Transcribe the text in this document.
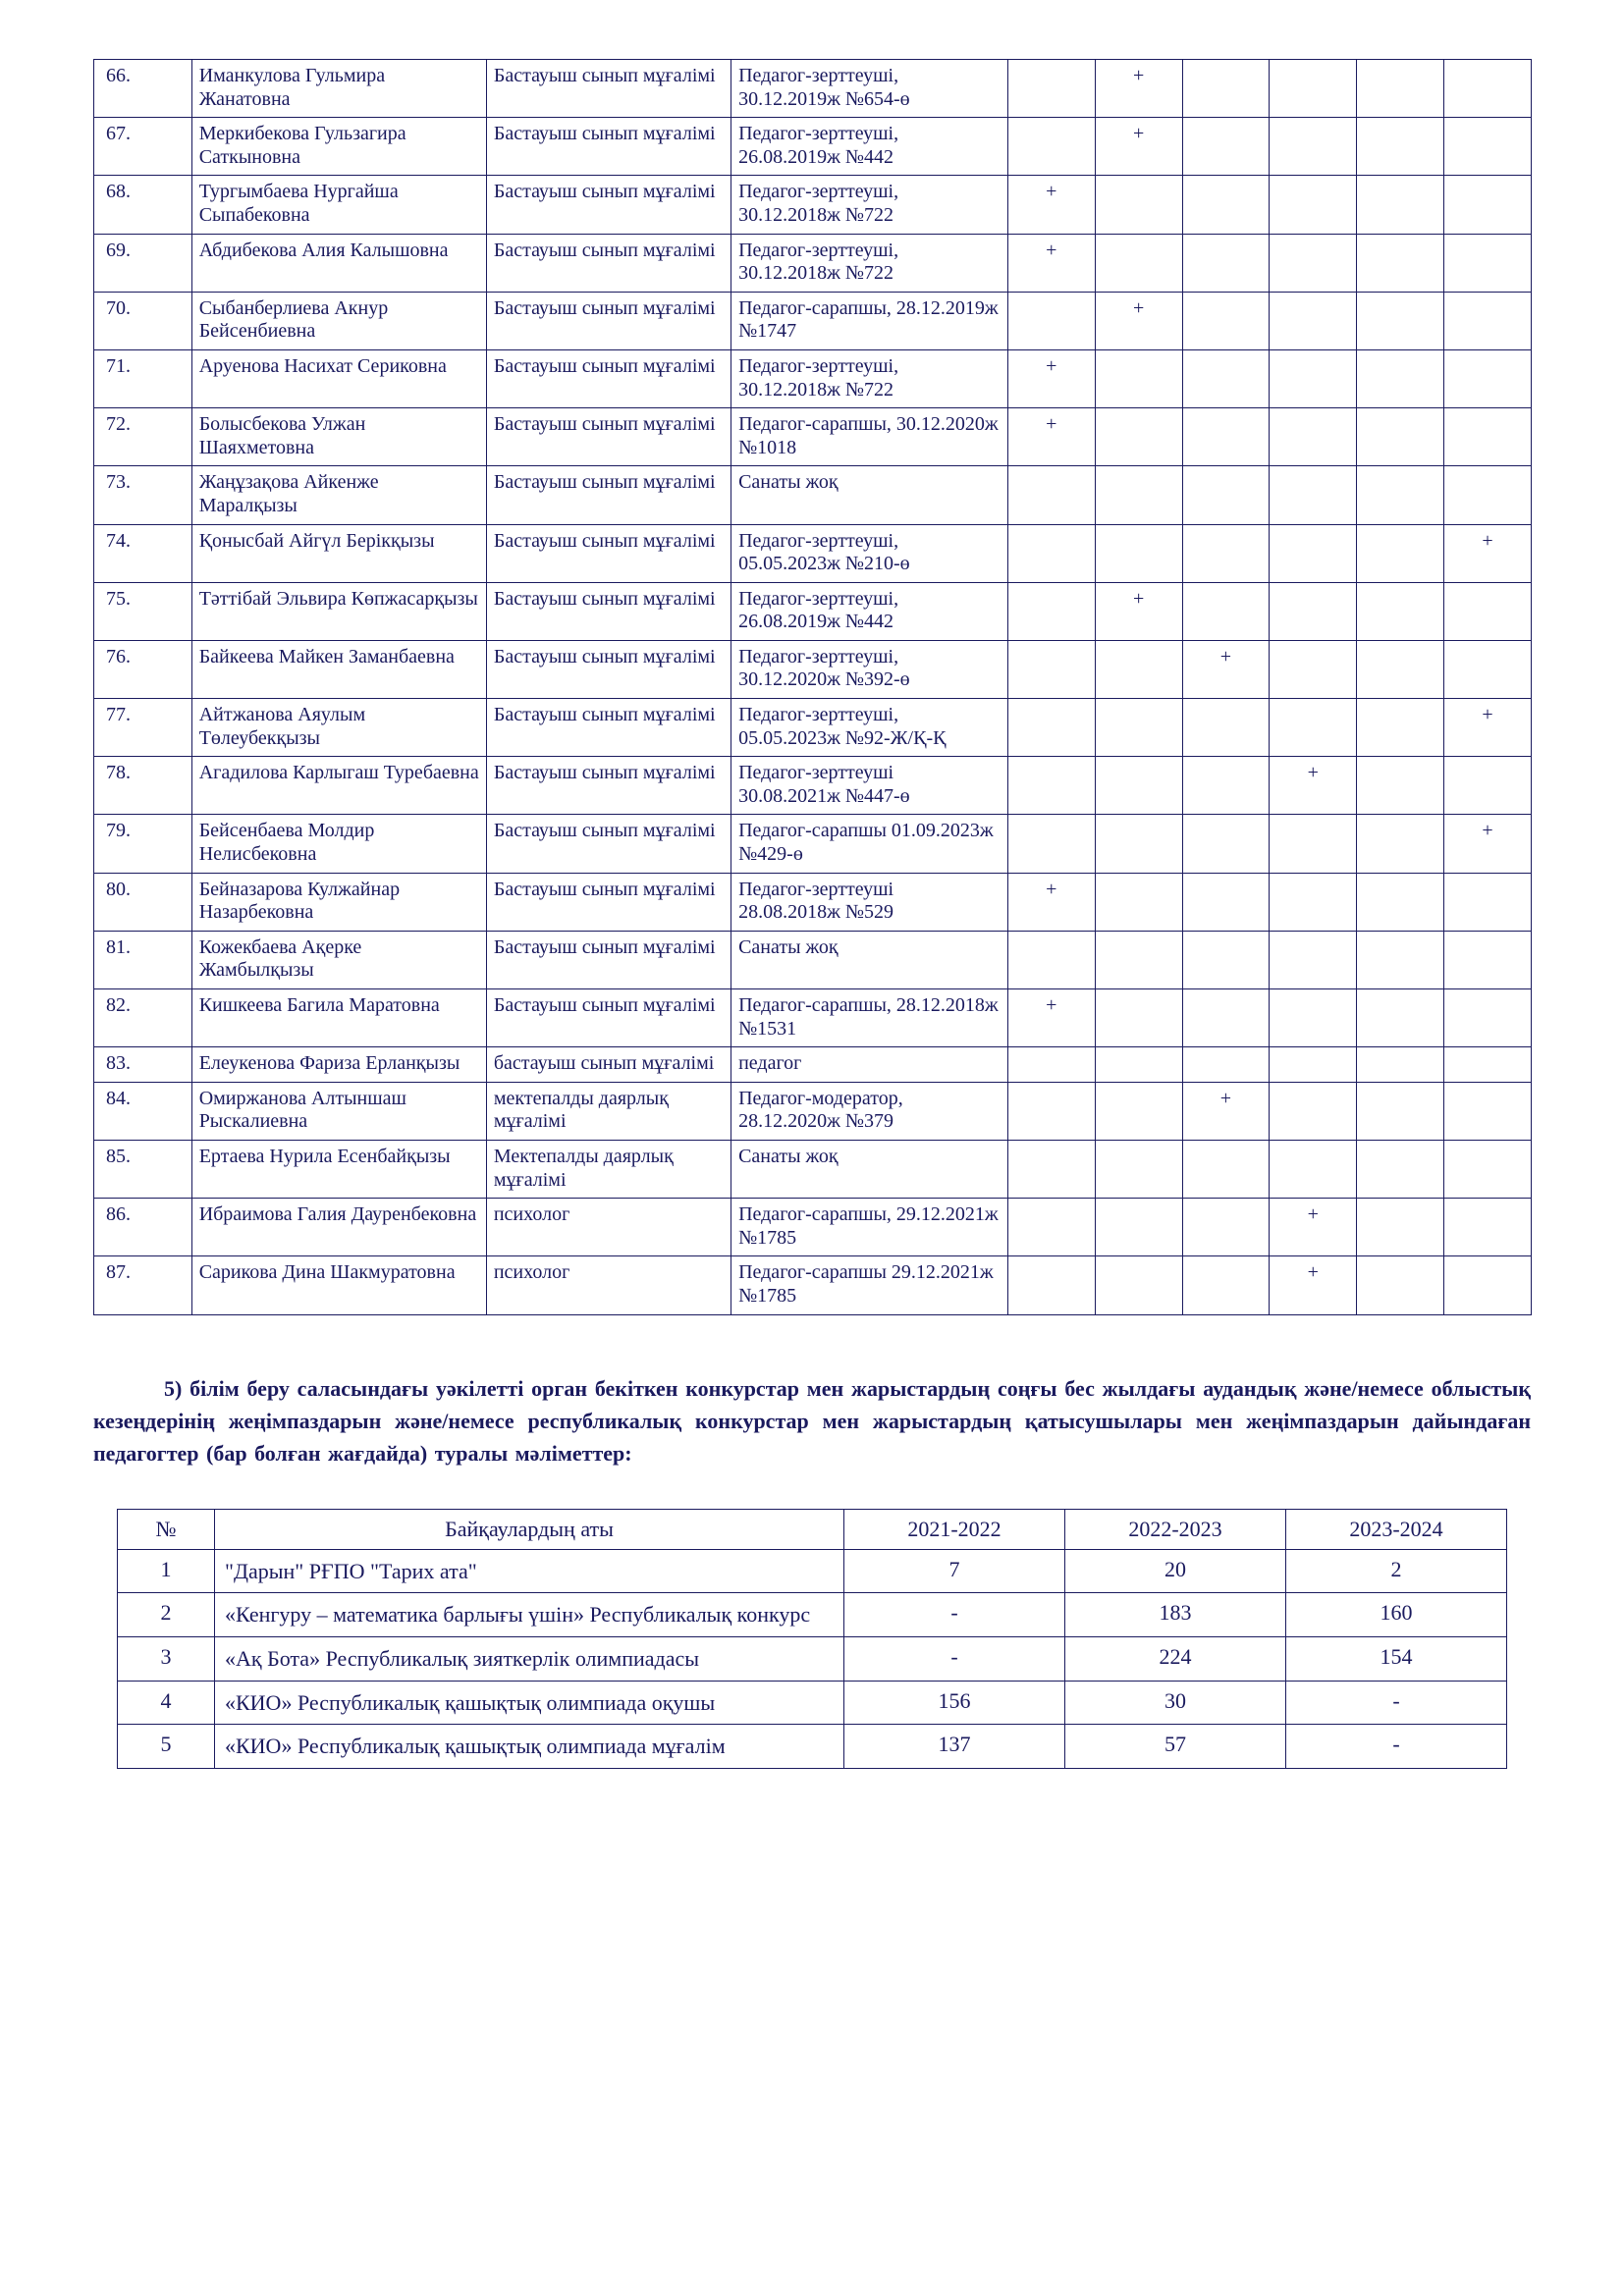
66.	Иманкулова Гульмира Жанатовна	Бастауыш сынып мұғалімі	Педагог-зерттеуші, 30.12.2019ж №654-ө		+				
67.	Меркибекова Гульзагира Саткыновна	Бастауыш сынып мұғалімі	Педагог-зерттеуші, 26.08.2019ж №442		+				
68.	Тургымбаева Нургайша Сыпабековна	Бастауыш сынып мұғалімі	Педагог-зерттеуші, 30.12.2018ж №722	+					
69.	Абдибекова Алия Калышовна	Бастауыш сынып мұғалімі	Педагог-зерттеуші, 30.12.2018ж №722	+					
70.	Сыбанберлиева Акнур Бейсенбиевна	Бастауыш сынып мұғалімі	Педагог-сарапшы, 28.12.2019ж №1747		+				
71.	Аруенова Насихат Сериковна	Бастауыш сынып мұғалімі	Педагог-зерттеуші, 30.12.2018ж №722	+					
72.	Болысбекова Улжан Шаяхметовна	Бастауыш сынып мұғалімі	Педагог-сарапшы, 30.12.2020ж №1018	+					
73.	Жаңұзақова Айкенже Маралқызы	Бастауыш сынып мұғалімі	Санаты жоқ						
74.	Қонысбай Айгүл Берікқызы	Бастауыш сынып мұғалімі	Педагог-зерттеуші, 05.05.2023ж №210-ө						+
75.	Тәттібай Эльвира Көпжасарқызы	Бастауыш сынып мұғалімі	Педагог-зерттеуші, 26.08.2019ж №442		+				
76.	Байкеева Майкен Заманбаевна	Бастауыш сынып мұғалімі	Педагог-зерттеуші, 30.12.2020ж №392-ө			+			
77.	Айтжанова Аяулым Төлеубекқызы	Бастауыш сынып мұғалімі	Педагог-зерттеуші, 05.05.2023ж №92-Ж/Қ-Қ						+
78.	Агадилова Карлыгаш Туребаевна	Бастауыш сынып мұғалімі	Педагог-зерттеуші 30.08.2021ж №447-ө				+		
79.	Бейсенбаева Молдир Нелисбековна	Бастауыш сынып мұғалімі	Педагог-сарапшы 01.09.2023ж №429-ө						+
80.	Бейназарова Кулжайнар Назарбековна	Бастауыш сынып мұғалімі	Педагог-зерттеуші 28.08.2018ж №529	+					
81.	Кожекбаева Ақерке Жамбылқызы	Бастауыш сынып мұғалімі	Санаты жоқ						
82.	Кишкеева Багила Маратовна	Бастауыш сынып мұғалімі	Педагог-сарапшы, 28.12.2018ж №1531	+					
83.	Елеукенова Фариза Ерланқызы	бастауыш сынып мұғалімі	педагог						
84.	Омиржанова Алтыншаш Рыскалиевна	мектепалды даярлық мұғалімі	Педагог-модератор, 28.12.2020ж №379			+			
85.	Ертаева Нурила Есенбайқызы	Мектепалды даярлық мұғалімі	Санаты жоқ						
86.	Ибраимова Галия Дауренбековна	психолог	Педагог-сарапшы, 29.12.2021ж №1785				+		
87.	Сарикова Дина Шакмуратовна	психолог	Педагог-сарапшы 29.12.2021ж №1785				+		

5) білім беру саласындағы уәкілетті орган бекіткен конкурстар мен жарыстардың соңғы бес жылдағы аудандық және/немесе облыстық кезеңдерінің жеңімпаздарын және/немесе республикалық конкурстар мен жарыстардың қатысушылары мен жеңімпаздарын дайындаған педагогтер (бар болған жағдайда) туралы мәліметтер:

№	Байқаулардың аты	2021-2022	2022-2023	2023-2024
1	"Дарын" РҒПО "Тарих ата"	7	20	2
2	«Кенгуру – математика барлығы үшін» Республикалық конкурс	-	183	160
3	«Ақ Бота» Республикалық зияткерлік олимпиадасы	-	224	154
4	«КИО» Республикалық қашықтық олимпиада оқушы	156	30	-
5	«КИО» Республикалық қашықтық олимпиада мұғалім	137	57	-
